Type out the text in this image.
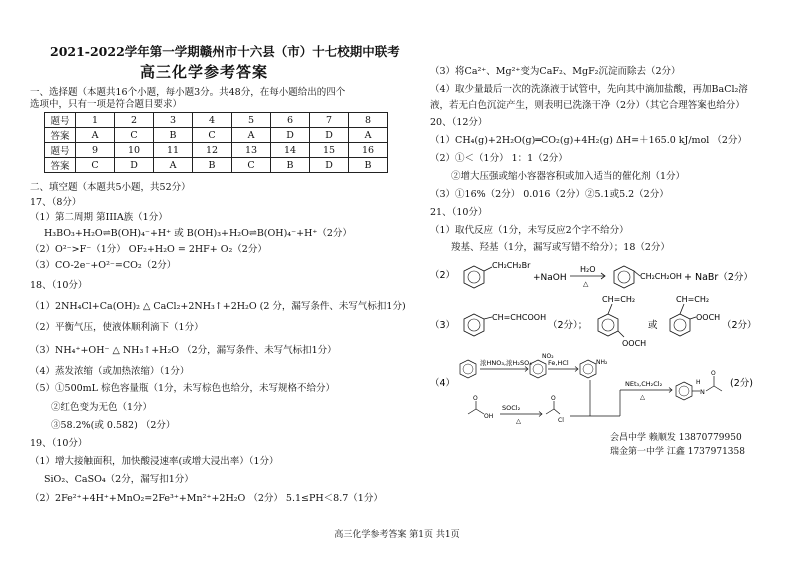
2021-2022学年第一学期赣州市十六县（市）十七校期中联考
高三化学参考答案
一、选择题（本题共16个小题，每小题3分。共48分，在每小题给出的四个
选项中，只有一项是符合题目要求）
题号	1	2	3	4	5	6	7	8
答案	A	C	B	C	A	D	D	A
题号	9	10	11	12	13	14	15	16
答案	C	D	A	B	C	B	D	B
二、填空题（本题共5小题，共52分）
17、（8分）
（1）第二周期 第IIIA族（1分）
H₃BO₃+H₂O⇌B(OH)₄⁻+H⁺ 或 B(OH)₃+H₂O⇌B(OH)₄⁻+H⁺（2分）
（2）O²⁻>F⁻（1分） OF₂+H₂O = 2HF+ O₂（2分）
（3）CO-2e⁻+O²⁻=CO₂（2分）
18、（10分）
（1）2NH₄Cl+Ca(OH)₂ △ CaCl₂+2NH₃↑+2H₂O (2 分，漏写条件、未写气标扣1分)
（2）平衡气压，使液体顺利滴下（1分）
（3）NH₄⁺+OH⁻ △ NH₃↑+H₂O （2分，漏写条件、未写气标扣1分）
（4）蒸发浓缩（或加热浓缩）（1分）
（5）①500mL 棕色容量瓶（1分，未写棕色也给分，未写规格不给分）
②红色变为无色（1分）
③58.2%(或 0.582) （2分）
19、（10分）
（1）增大接触面积，加快酸浸速率(或增大浸出率）（1分）
SiO₂、CaSO₄（2分，漏写扣1分）
（2）2Fe²⁺+4H⁺+MnO₂=2Fe³⁺+Mn²⁺+2H₂O （2分） 5.1≤PH＜8.7（1分）
（3）将Ca²⁺、Mg²⁺变为CaF₂、MgF₂沉淀而除去（2分）
（4）取少量最后一次的洗涤液于试管中，先向其中滴加盐酸，再加BaCl₂溶
液，若无白色沉淀产生，则表明已洗涤干净（2分）（其它合理答案也给分）
20、（12分）
（1）CH₄(g)+2H₂O(g)═CO₂(g)+4H₂(g) ΔH=＋165.0 kJ/mol （2分）
（2）①＜（1分） 1：1（2分）
②增大压强或缩小容器容积或加入适当的催化剂（1分）
（3）①16%（2分） 0.016（2分）②5.1或5.2（2分）
21、（10分）
（1）取代反应（1分，未写反应2个字不给分）
羧基、羟基（1分，漏写或写错不给分）；18（2分）
（2）
CH₂CH₂Br
+NaOH
H₂O
△
CH₂CH₂OH + NaBr（2分）
（3）
CH=CHCOOH
（2分）；
CH=CH₂
OOCH
或
CH=CH₂
OOCH
（2分）
（4）
浓HNO₃,浓H₂SO₄
NO₂
Fe,HCl	NH₂
NEt₃,CH₂Cl₂
△
H
N
O
(2分)
O
OH
SOCl₂
△
O
Cl
会昌中学 赖顺发 13870779950
瑞金第一中学 江鑫 1737971358
高三化学参考答案 第1页 共1页
